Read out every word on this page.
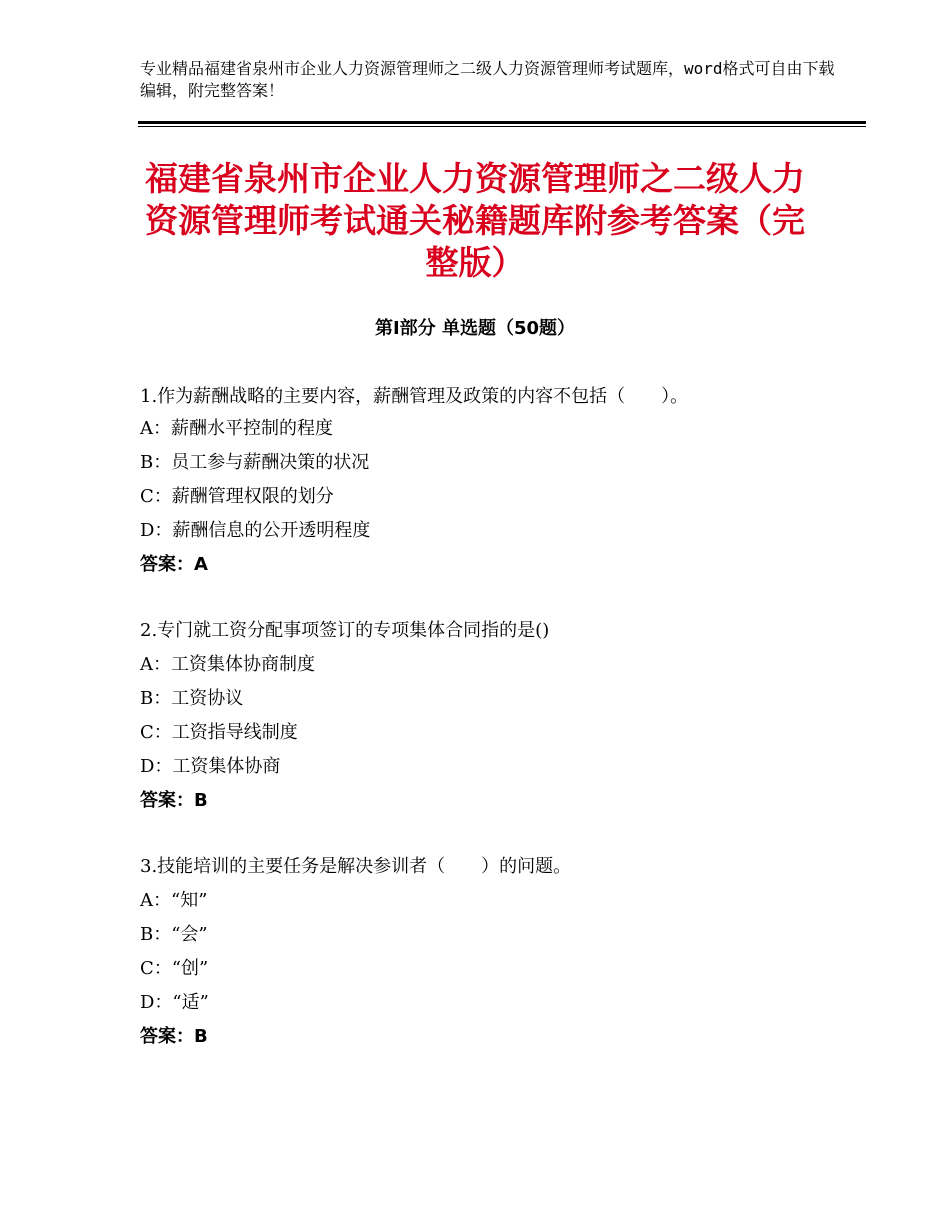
专业精品福建省泉州市企业人力资源管理师之二级人力资源管理师考试题库，word格式可自由下载编辑，附完整答案！
福建省泉州市企业人力资源管理师之二级人力资源管理师考试通关秘籍题库附参考答案（完整版）
第Ⅰ部分 单选题（50题）

1.作为薪酬战略的主要内容，薪酬管理及政策的内容不包括（　　）。

A：薪酬水平控制的程度

B：员工参与薪酬决策的状况

C：薪酬管理权限的划分

D：薪酬信息的公开透明程度

答案：A

2.专门就工资分配事项签订的专项集体合同指的是()

A：工资集体协商制度

B：工资协议

C：工资指导线制度

D：工资集体协商

答案：B

3.技能培训的主要任务是解决参训者（　　）的问题。

A：“知”

B：“会”

C：“创”

D：“适”

答案：B
